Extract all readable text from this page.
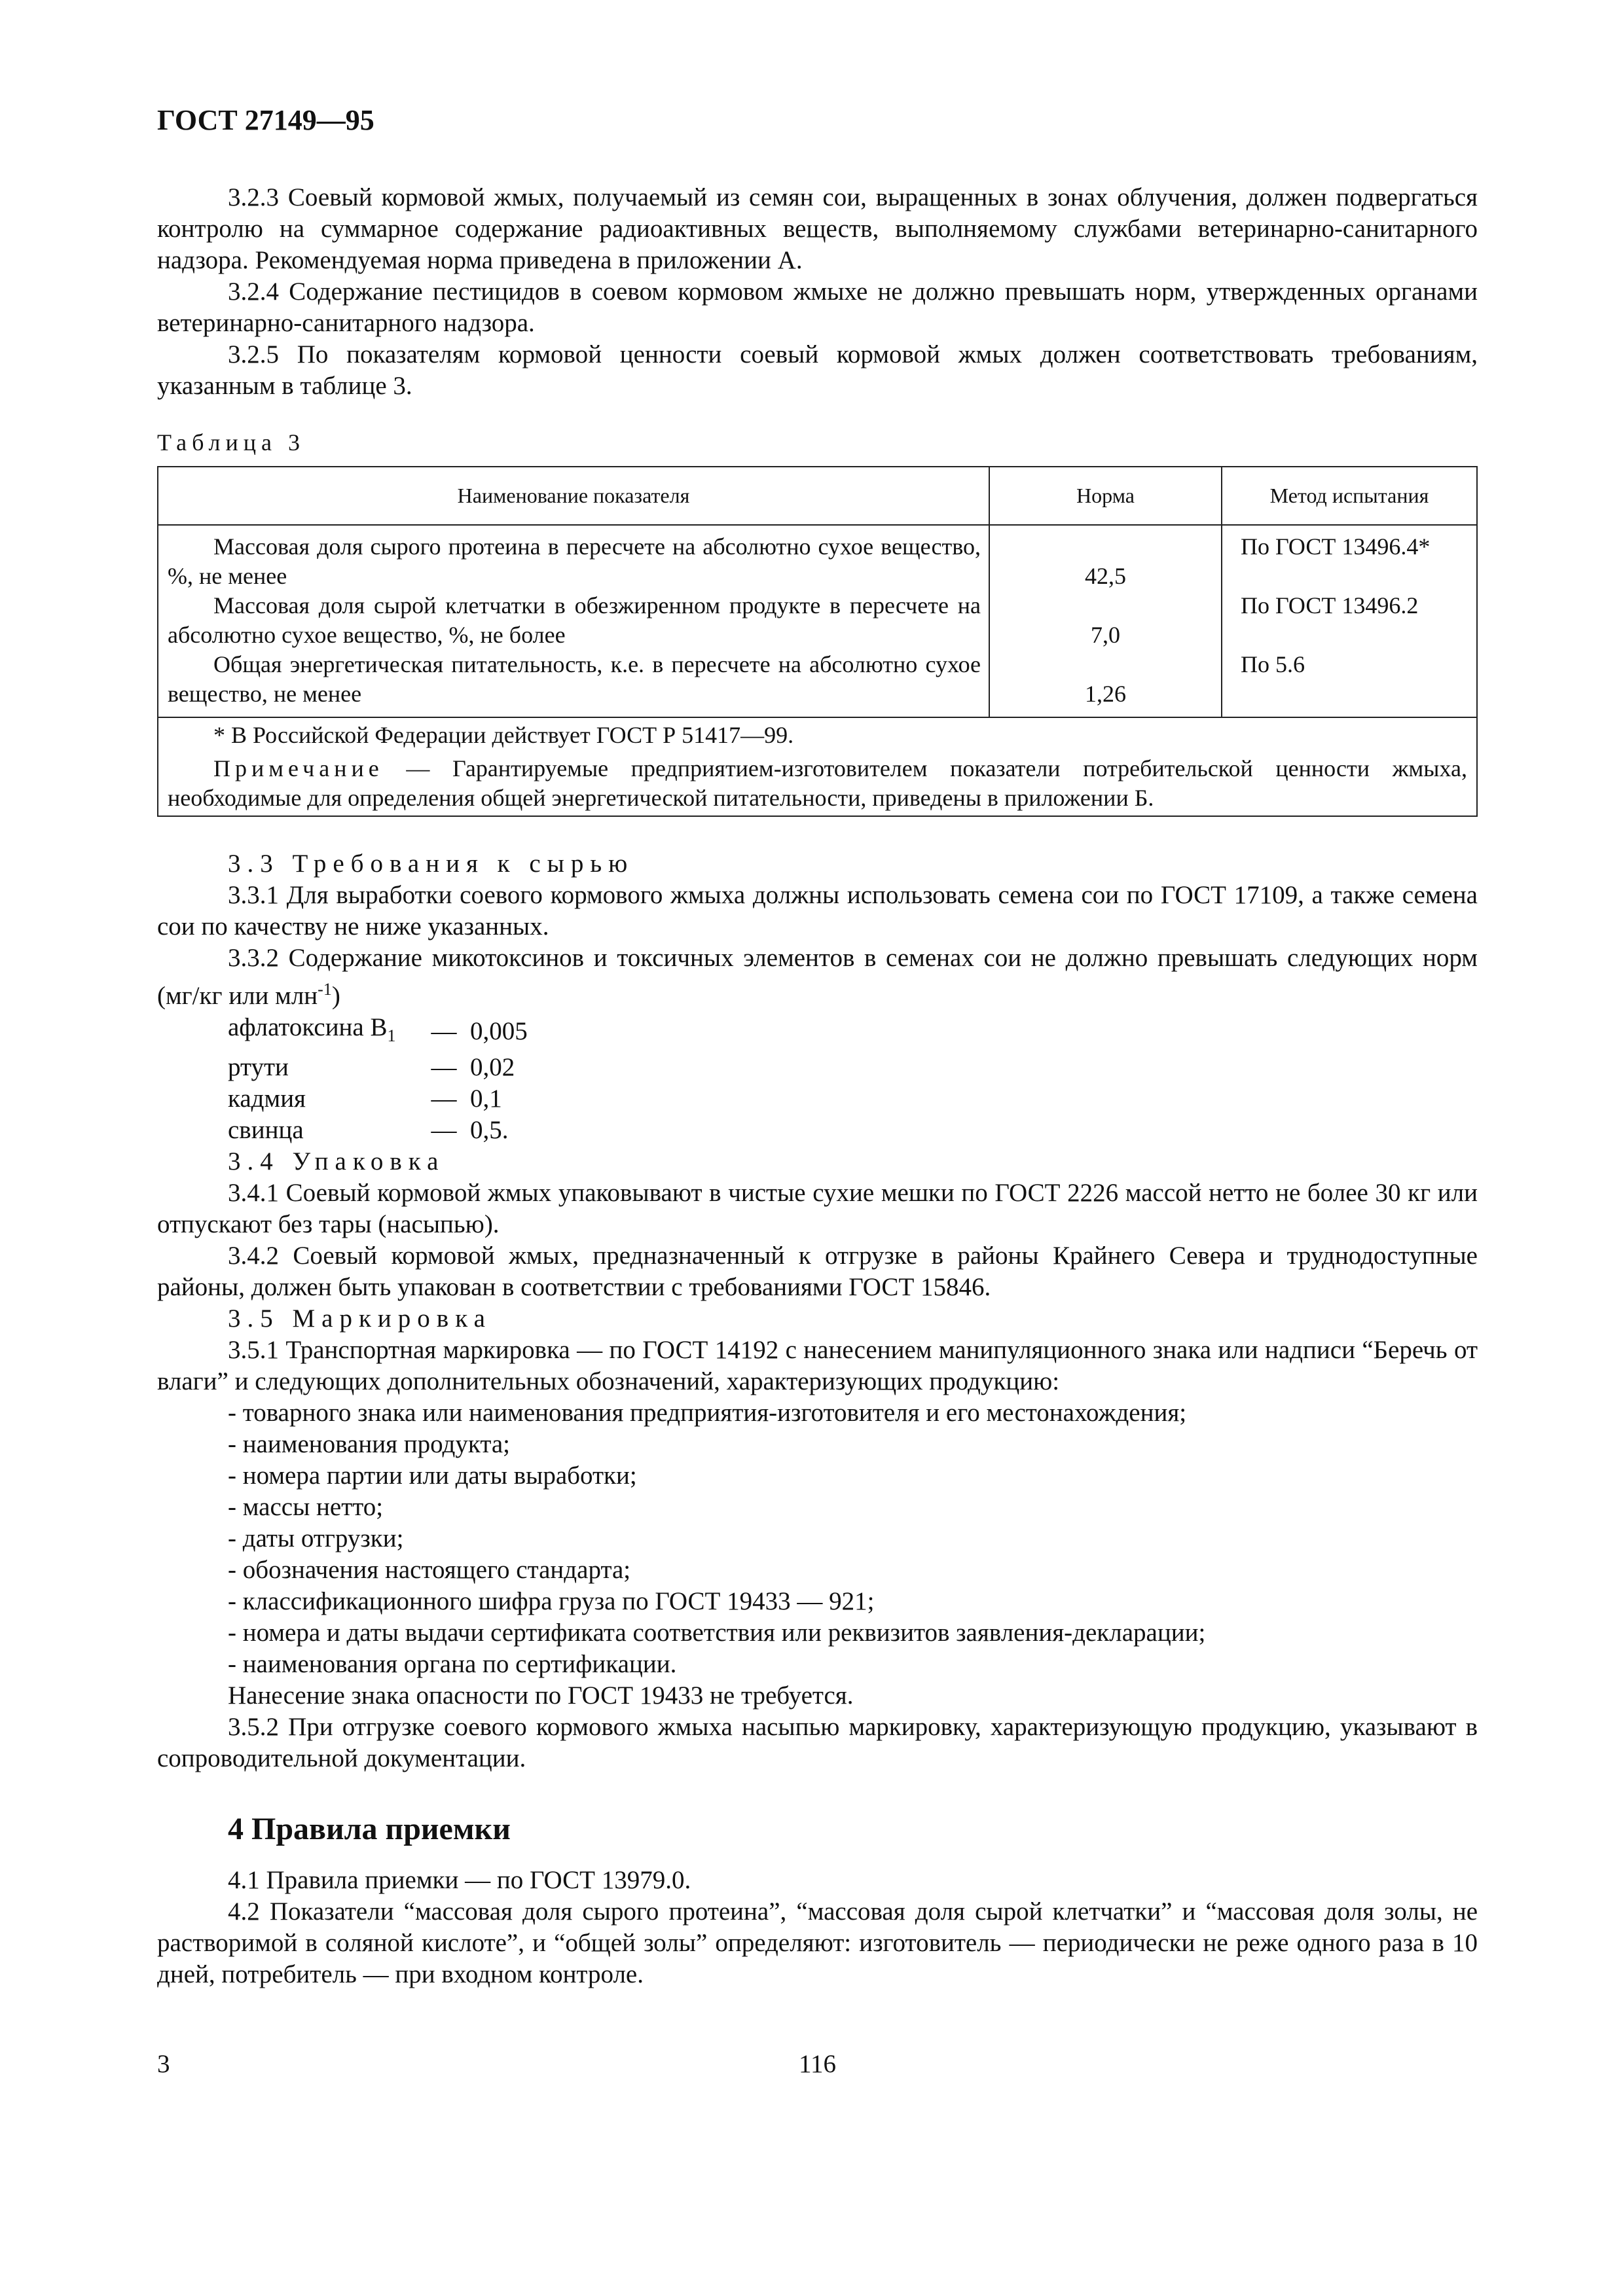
ГОСТ 27149—95

3.2.3 Соевый кормовой жмых, получаемый из семян сои, выращенных в зонах облучения, должен подвергаться контролю на суммарное содержание радиоактивных веществ, выполняемому службами ветеринарно-санитарного надзора. Рекомендуемая норма приведена в приложении А.

3.2.4 Содержание пестицидов в соевом кормовом жмыхе не должно превышать норм, утвержденных органами ветеринарно-санитарного надзора.

3.2.5 По показателям кормовой ценности соевый кормовой жмых должен соответствовать требованиям, указанным в таблице 3.

Таблица 3
Наименование показателя	Норма	Метод испытания

Массовая доля сырого протеина в пересчете на абсолютно сухое вещество, %, не менее	42,5	По ГОСТ 13496.4*

Массовая доля сырой клетчатки в обезжиренном продукте в пересчете на абсолютно сухое вещество, %, не более	7,0	По ГОСТ 13496.2

Общая энергетическая питательность, к.е. в пересчете на абсолютно сухое вещество, не менее	1,26	По 5.6

* В Российской Федерации действует ГОСТ Р 51417—99.
Примечание — Гарантируемые предприятием-изготовителем показатели потребительской ценности жмыха, необходимые для определения общей энергетической питательности, приведены в приложении Б.		

3.3 Требования к сырью

3.3.1 Для выработки соевого кормового жмыха должны использовать семена сои по ГОСТ 17109, а также семена сои по качеству не ниже указанных.

3.3.2 Содержание микотоксинов и токсичных элементов в семенах сои не должно превышать следующих норм (мг/кг или млн$^{-1}$)

афлатоксина $В_1$	—	0,005
ртути	—	0,02
кадмия	—	0,1
свинца	—	0,5.

3.4 Упаковка

3.4.1 Соевый кормовой жмых упаковывают в чистые сухие мешки по ГОСТ 2226 массой нетто не более 30 кг или отпускают без тары (насыпью).

3.4.2 Соевый кормовой жмых, предназначенный к отгрузке в районы Крайнего Севера и труднодоступные районы, должен быть упакован в соответствии с требованиями ГОСТ 15846.

3.5 Маркировка

3.5.1 Транспортная маркировка — по ГОСТ 14192 с нанесением манипуляционного знака или надписи “Беречь от влаги” и следующих дополнительных обозначений, характеризующих продукцию:

- товарного знака или наименования предприятия-изготовителя и его местонахождения;
- наименования продукта;
- номера партии или даты выработки;
- массы нетто;
- даты отгрузки;
- обозначения настоящего стандарта;
- классификационного шифра груза по ГОСТ 19433 — 921;
- номера и даты выдачи сертификата соответствия или реквизитов заявления-декларации;
- наименования органа по сертификации.

Нанесение знака опасности по ГОСТ 19433 не требуется.

3.5.2 При отгрузке соевого кормового жмыха насыпью маркировку, характеризующую продукцию, указывают в сопроводительной документации.

4 Правила приемки

4.1 Правила приемки — по ГОСТ 13979.0.

4.2 Показатели “массовая доля сырого протеина”, “массовая доля сырой клетчатки” и “массовая доля золы, не растворимой в соляной кислоте”, и “общей золы” определяют: изготовитель — периодически не реже одного раза в 10 дней, потребитель — при входном контроле.

3	116
